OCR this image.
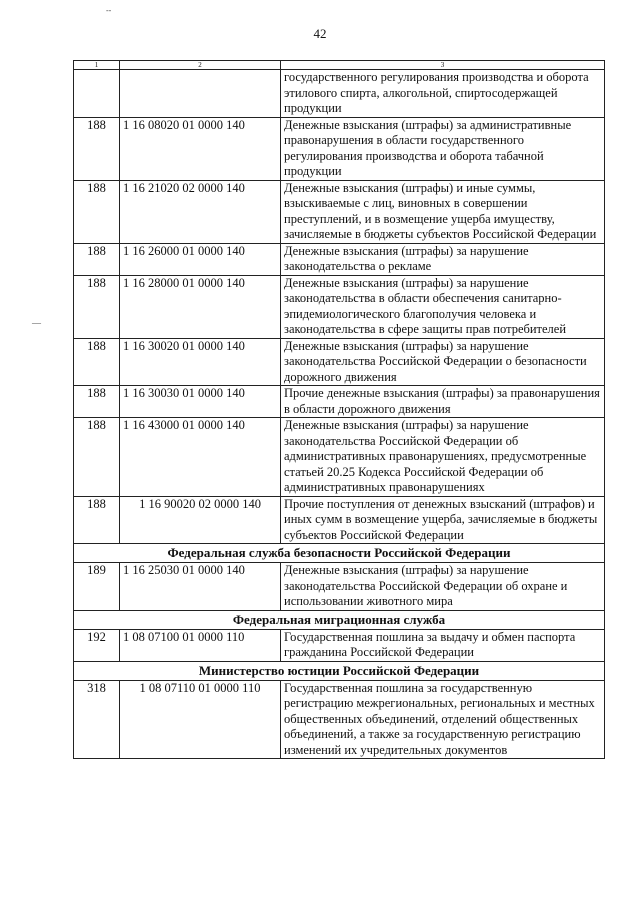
--
42
—
1	2	3
		государственного регулирования производства и оборота этилового спирта, алкогольной, спиртосодержащей продукции
188	1 16 08020 01 0000 140	Денежные взыскания (штрафы) за административные правонарушения в области государственного регулирования производства и оборота табачной продукции
188	1 16 21020 02 0000 140	Денежные взыскания (штрафы) и иные суммы, взыскиваемые с лиц, виновных в совершении преступлений, и в возмещение ущерба имуществу, зачисляемые в бюджеты субъектов Российской Федерации
188	1 16 26000 01 0000 140	Денежные взыскания (штрафы) за нарушение законодательства о рекламе
188	1 16 28000 01 0000 140	Денежные взыскания (штрафы) за нарушение законодательства в области обеспечения санитарно-эпидемиологического благополучия человека и законодательства в сфере защиты прав потребителей
188	1 16 30020 01 0000 140	Денежные взыскания (штрафы) за нарушение законодательства Российской Федерации о безопасности дорожного движения
188	1 16 30030 01 0000 140	Прочие денежные взыскания (штрафы) за правонарушения в области дорожного движения
188	1 16 43000 01 0000 140	Денежные взыскания (штрафы) за нарушение законодательства Российской Федерации об административных правонарушениях, предусмотренные статьей 20.25 Кодекса Российской Федерации об административных правонарушениях
188	1 16 90020 02 0000 140	Прочие поступления от денежных взысканий (штрафов) и иных сумм в возмещение ущерба, зачисляемые в бюджеты субъектов Российской Федерации
Федеральная служба безопасности Российской Федерации		
189	1 16 25030 01 0000 140	Денежные взыскания (штрафы) за нарушение законодательства Российской Федерации об охране и использовании животного мира
Федеральная миграционная служба		
192	1 08 07100 01 0000 110	Государственная пошлина за выдачу и обмен паспорта гражданина Российской Федерации
Министерство юстиции Российской Федерации		
318	1 08 07110 01 0000 110	Государственная пошлина за государственную регистрацию межрегиональных, региональных и местных общественных объединений, отделений общественных объединений, а также за государственную регистрацию изменений их учредительных документов
